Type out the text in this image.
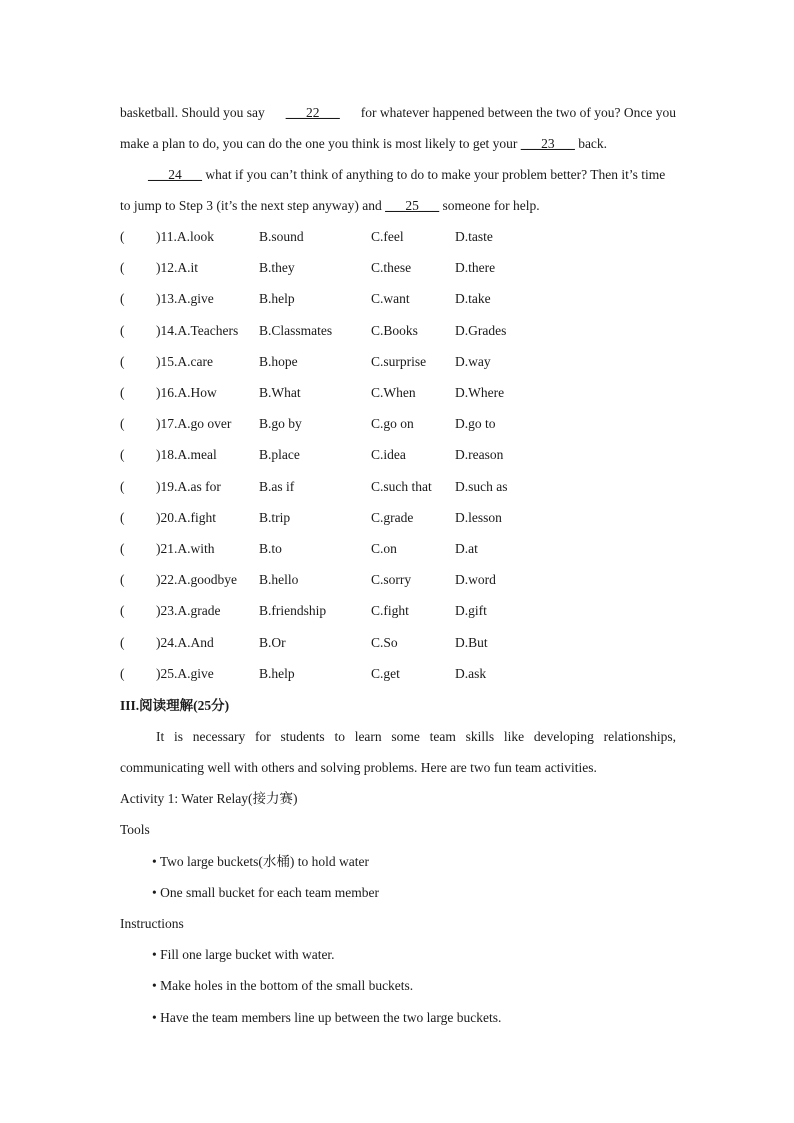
basketball. Should you say ___22___ for whatever happened between the two of you? Once you
make a plan to do, you can do the one you think is most likely to get your ___23___ back.
___24___ what if you can’t think of anything to do to make your problem better? Then it’s time
to jump to Step 3 (it’s the next step anyway) and ___25___ someone for help.
( )11.A.look	B.sound	C.feel	D.taste
( )12.A.it	B.they	C.these	D.there
( )13.A.give	B.help	C.want	D.take
( )14.A.Teachers B.Classmates	C.Books	D.Grades
( )15.A.care	B.hope	C.surprise D.way
( )16.A.How	B.What	C.When	D.Where
( )17.A.go over B.go by	C.go on	D.go to
( )18.A.meal	B.place	C.idea	D.reason
( )19.A.as for	B.as if	C.such that D.such as
( )20.A.fight	B.trip	C.grade	D.lesson
( )21.A.with	B.to	C.on	D.at
( )22.A.goodbye B.hello	C.sorry	D.word
( )23.A.grade	B.friendship	C.fight	D.gift
( )24.A.And	B.Or	C.So	D.But
( )25.A.give	B.help	C.get	D.ask
III.阅读理解(25分)
It is necessary for students to learn some team skills like developing relationships,
communicating well with others and solving problems. Here are two fun team activities.
Activity 1: Water Relay(接力赛)
Tools
• Two large buckets(水桶) to hold water
• One small bucket for each team member
Instructions
• Fill one large bucket with water.
• Make holes in the bottom of the small buckets.
• Have the team members line up between the two large buckets.
